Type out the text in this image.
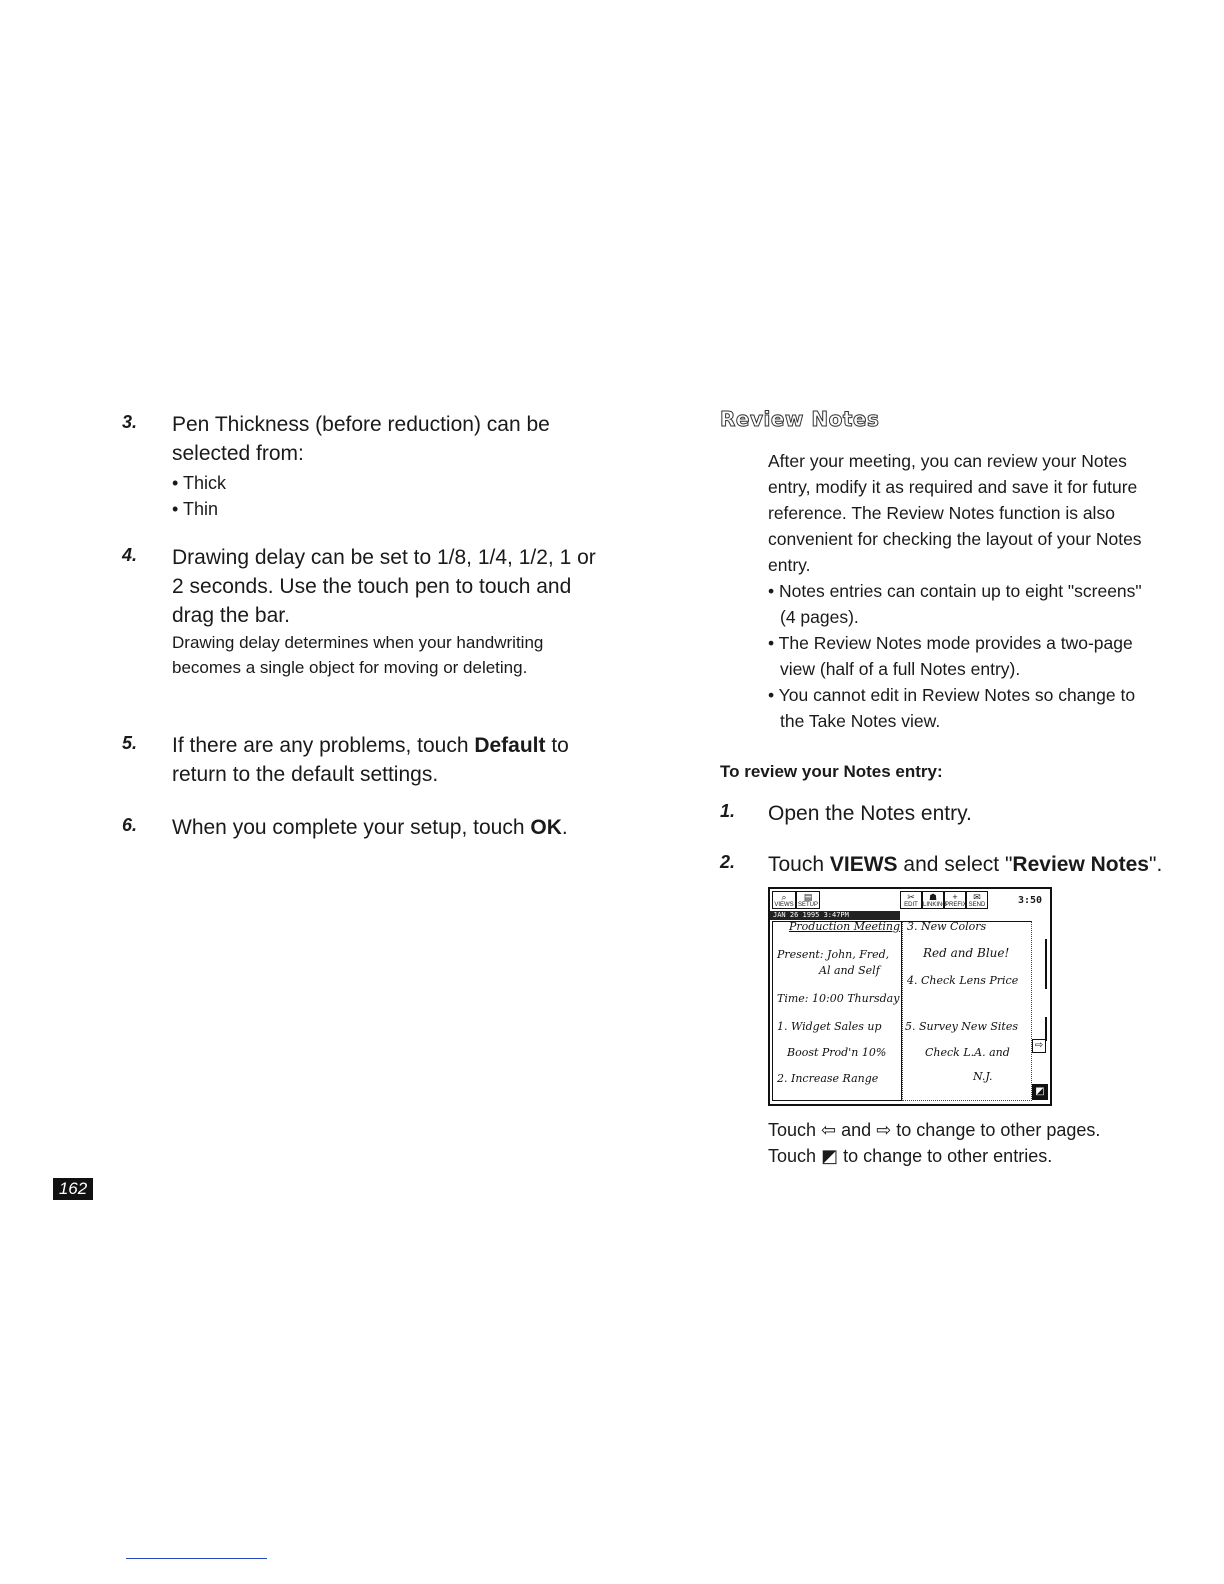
3. Pen Thickness (before reduction) can be
selected from:
• Thick
• Thin
4. Drawing delay can be set to 1/8, 1/4, 1/2, 1 or
2 seconds. Use the touch pen to touch and
drag the bar.
Drawing delay determines when your handwriting
becomes a single object for moving or deleting.
5. If there are any problems, touch Default to
return to the default settings.
6. When you complete your setup, touch OK.
Review Notes
After your meeting, you can review your Notes
entry, modify it as required and save it for future
reference. The Review Notes function is also
convenient for checking the layout of your Notes
entry.
• Notes entries can contain up to eight "screens"
(4 pages).
• The Review Notes mode provides a two-page
view (half of a full Notes entry).
• You cannot edit in Review Notes so change to
the Take Notes view.
To review your Notes entry:
1. Open the Notes entry.
2. Touch VIEWS and select "Review Notes".
⌕
VIEWS
▤
SETUP
✂
EDIT
☗
LINKING
+
PREFIX
✉
SEND	3:50
JAN 26 1995 3:47PM
Production Meeting
Present: John, Fred,
Al and Self
Time: 10:00 Thursday
1. Widget Sales up
Boost Prod'n 10%
2. Increase Range
3. New Colors
Red and Blue!
4. Check Lens Price
5. Survey New Sites
Check L.A. and
N.J.
⇨
◩
Touch ⇦ and ⇨ to change to other pages.
Touch ◩ to change to other entries.
162
